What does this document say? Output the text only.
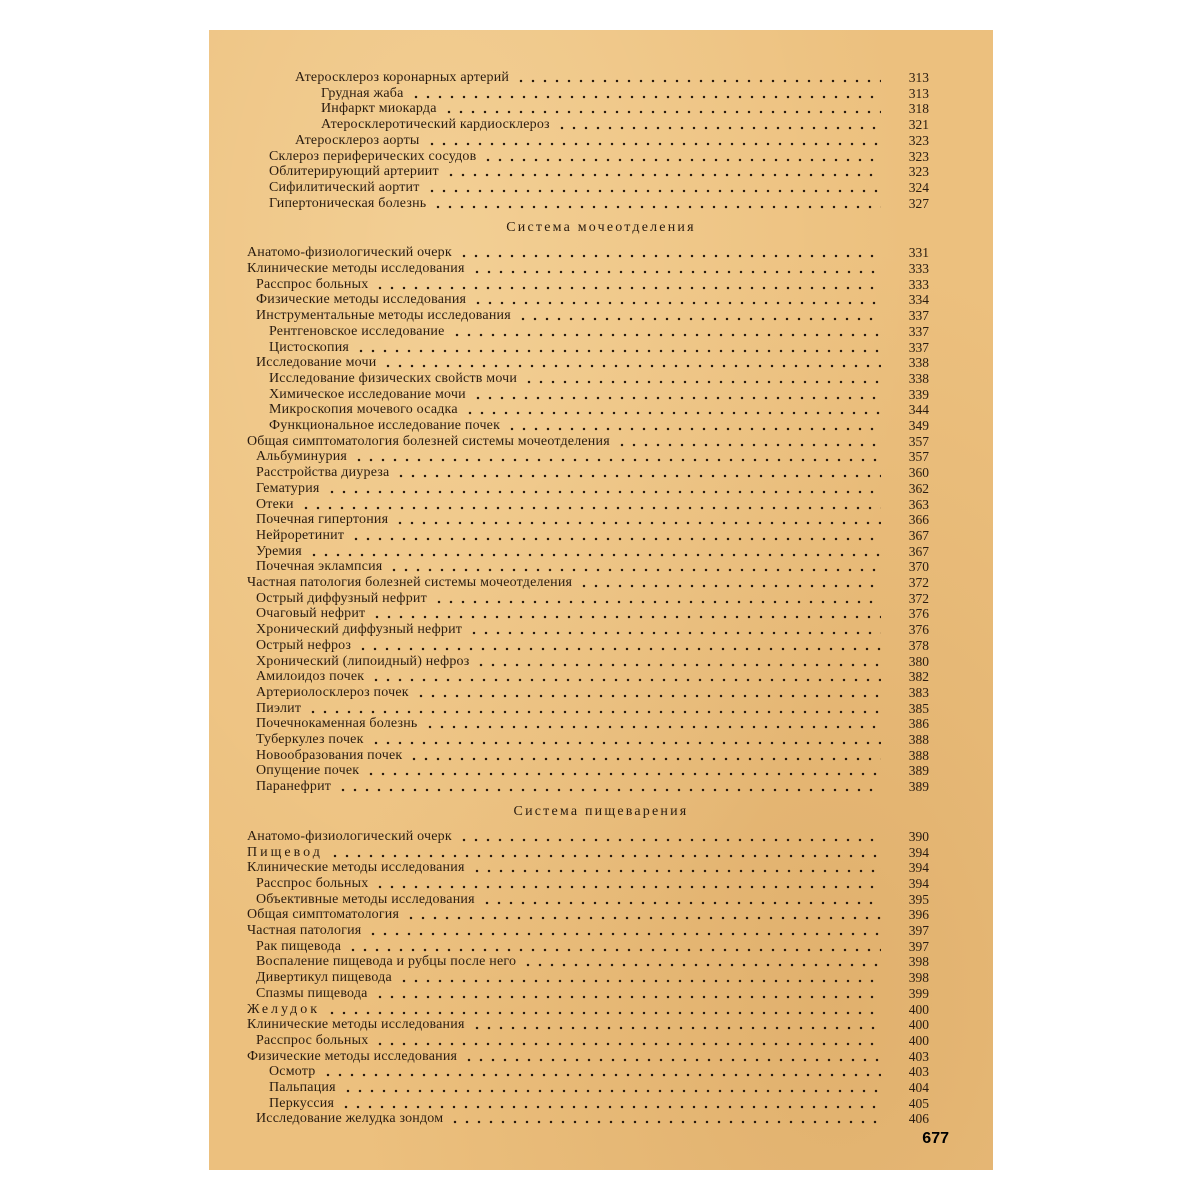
Атеросклероз коронарных артерий	313
Грудная жаба	313
Инфаркт миокарда	318
Атеросклеротический кардиосклероз	321
Атеросклероз аорты	323
Склероз периферических сосудов	323
Облитерирующий артериит	323
Сифилитический аортит	324
Гипертоническая болезнь	327
Система мочеотделения
Анатомо-физиологический очерк	331
Клинические методы исследования	333
Расспрос больных	333
Физические методы исследования	334
Инструментальные методы исследования	337
Рентгеновское исследование	337
Цистоскопия	337
Исследование мочи	338
Исследование физических свойств мочи	338
Химическое исследование мочи	339
Микроскопия мочевого осадка	344
Функциональное исследование почек	349
Общая симптоматология болезней системы мочеотделения	357
Альбуминурия	357
Расстройства диуреза	360
Гематурия	362
Отеки	363
Почечная гипертония	366
Нейроретинит	367
Уремия	367
Почечная эклампсия	370
Частная патология болезней системы мочеотделения	372
Острый диффузный нефрит	372
Очаговый нефрит	376
Хронический диффузный нефрит	376
Острый нефроз	378
Хронический (липоидный) нефроз	380
Амилоидоз почек	382
Артериолосклероз почек	383
Пиэлит	385
Почечнокаменная болезнь	386
Туберкулез почек	388
Новообразования почек	388
Опущение почек	389
Паранефрит	389
Система пищеварения
Анатомо-физиологический очерк	390
Пищевод	394
Клинические методы исследования	394
Расспрос больных	394
Объективные методы исследования	395
Общая симптоматология	396
Частная патология	397
Рак пищевода	397
Воспаление пищевода и рубцы после него	398
Дивертикул пищевода	398
Спазмы пищевода	399
Желудок	400
Клинические методы исследования	400
Расспрос больных	400
Физические методы исследования	403
Осмотр	403
Пальпация	404
Перкуссия	405
Исследование желудка зондом	406
677
